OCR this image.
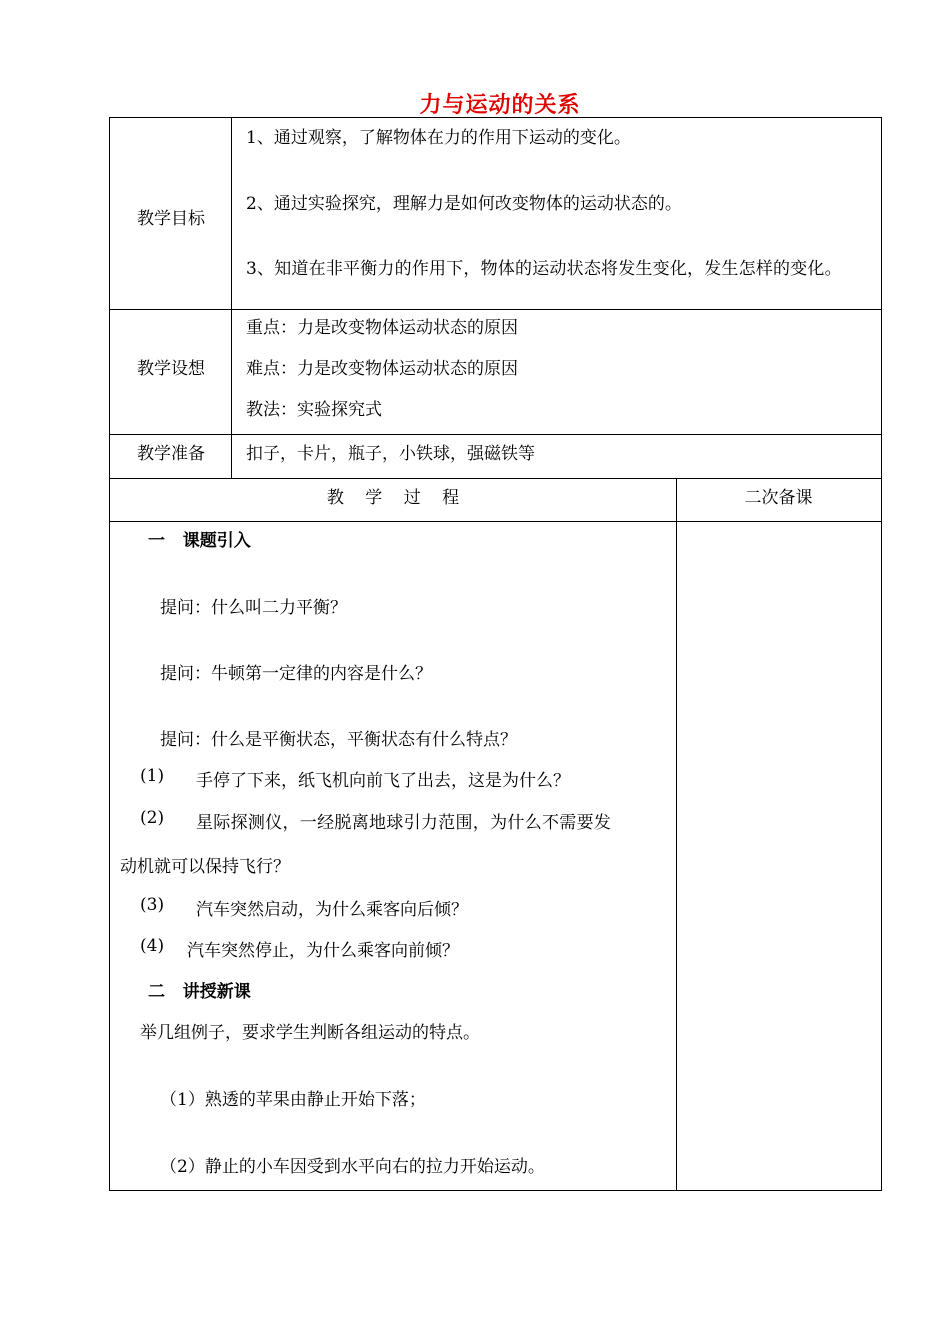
力与运动的关系
教学目标
1、通过观察，了解物体在力的作用下运动的变化。
2、通过实验探究，理解力是如何改变物体的运动状态的。
3、知道在非平衡力的作用下，物体的运动状态将发生变化，发生怎样的变化。
教学设想
重点：力是改变物体运动状态的原因
难点：力是改变物体运动状态的原因
教法：实验探究式
教学准备	扣子，卡片，瓶子，小铁球，强磁铁等
教 学 过 程	二次备课
一   课题引入
提问：什么叫二力平衡？
提问：牛顿第一定律的内容是什么？
提问：什么是平衡状态，平衡状态有什么特点？
(1) 手停了下来，纸飞机向前飞了出去，这是为什么？
(2) 星际探测仪，一经脱离地球引力范围，为什么不需要发
动机就可以保持飞行？
(3) 汽车突然启动，为什么乘客向后倾？
(4) 汽车突然停止，为什么乘客向前倾？
二   讲授新课
举几组例子，要求学生判断各组运动的特点。
（1）熟透的苹果由静止开始下落；
（2）静止的小车因受到水平向右的拉力开始运动。
